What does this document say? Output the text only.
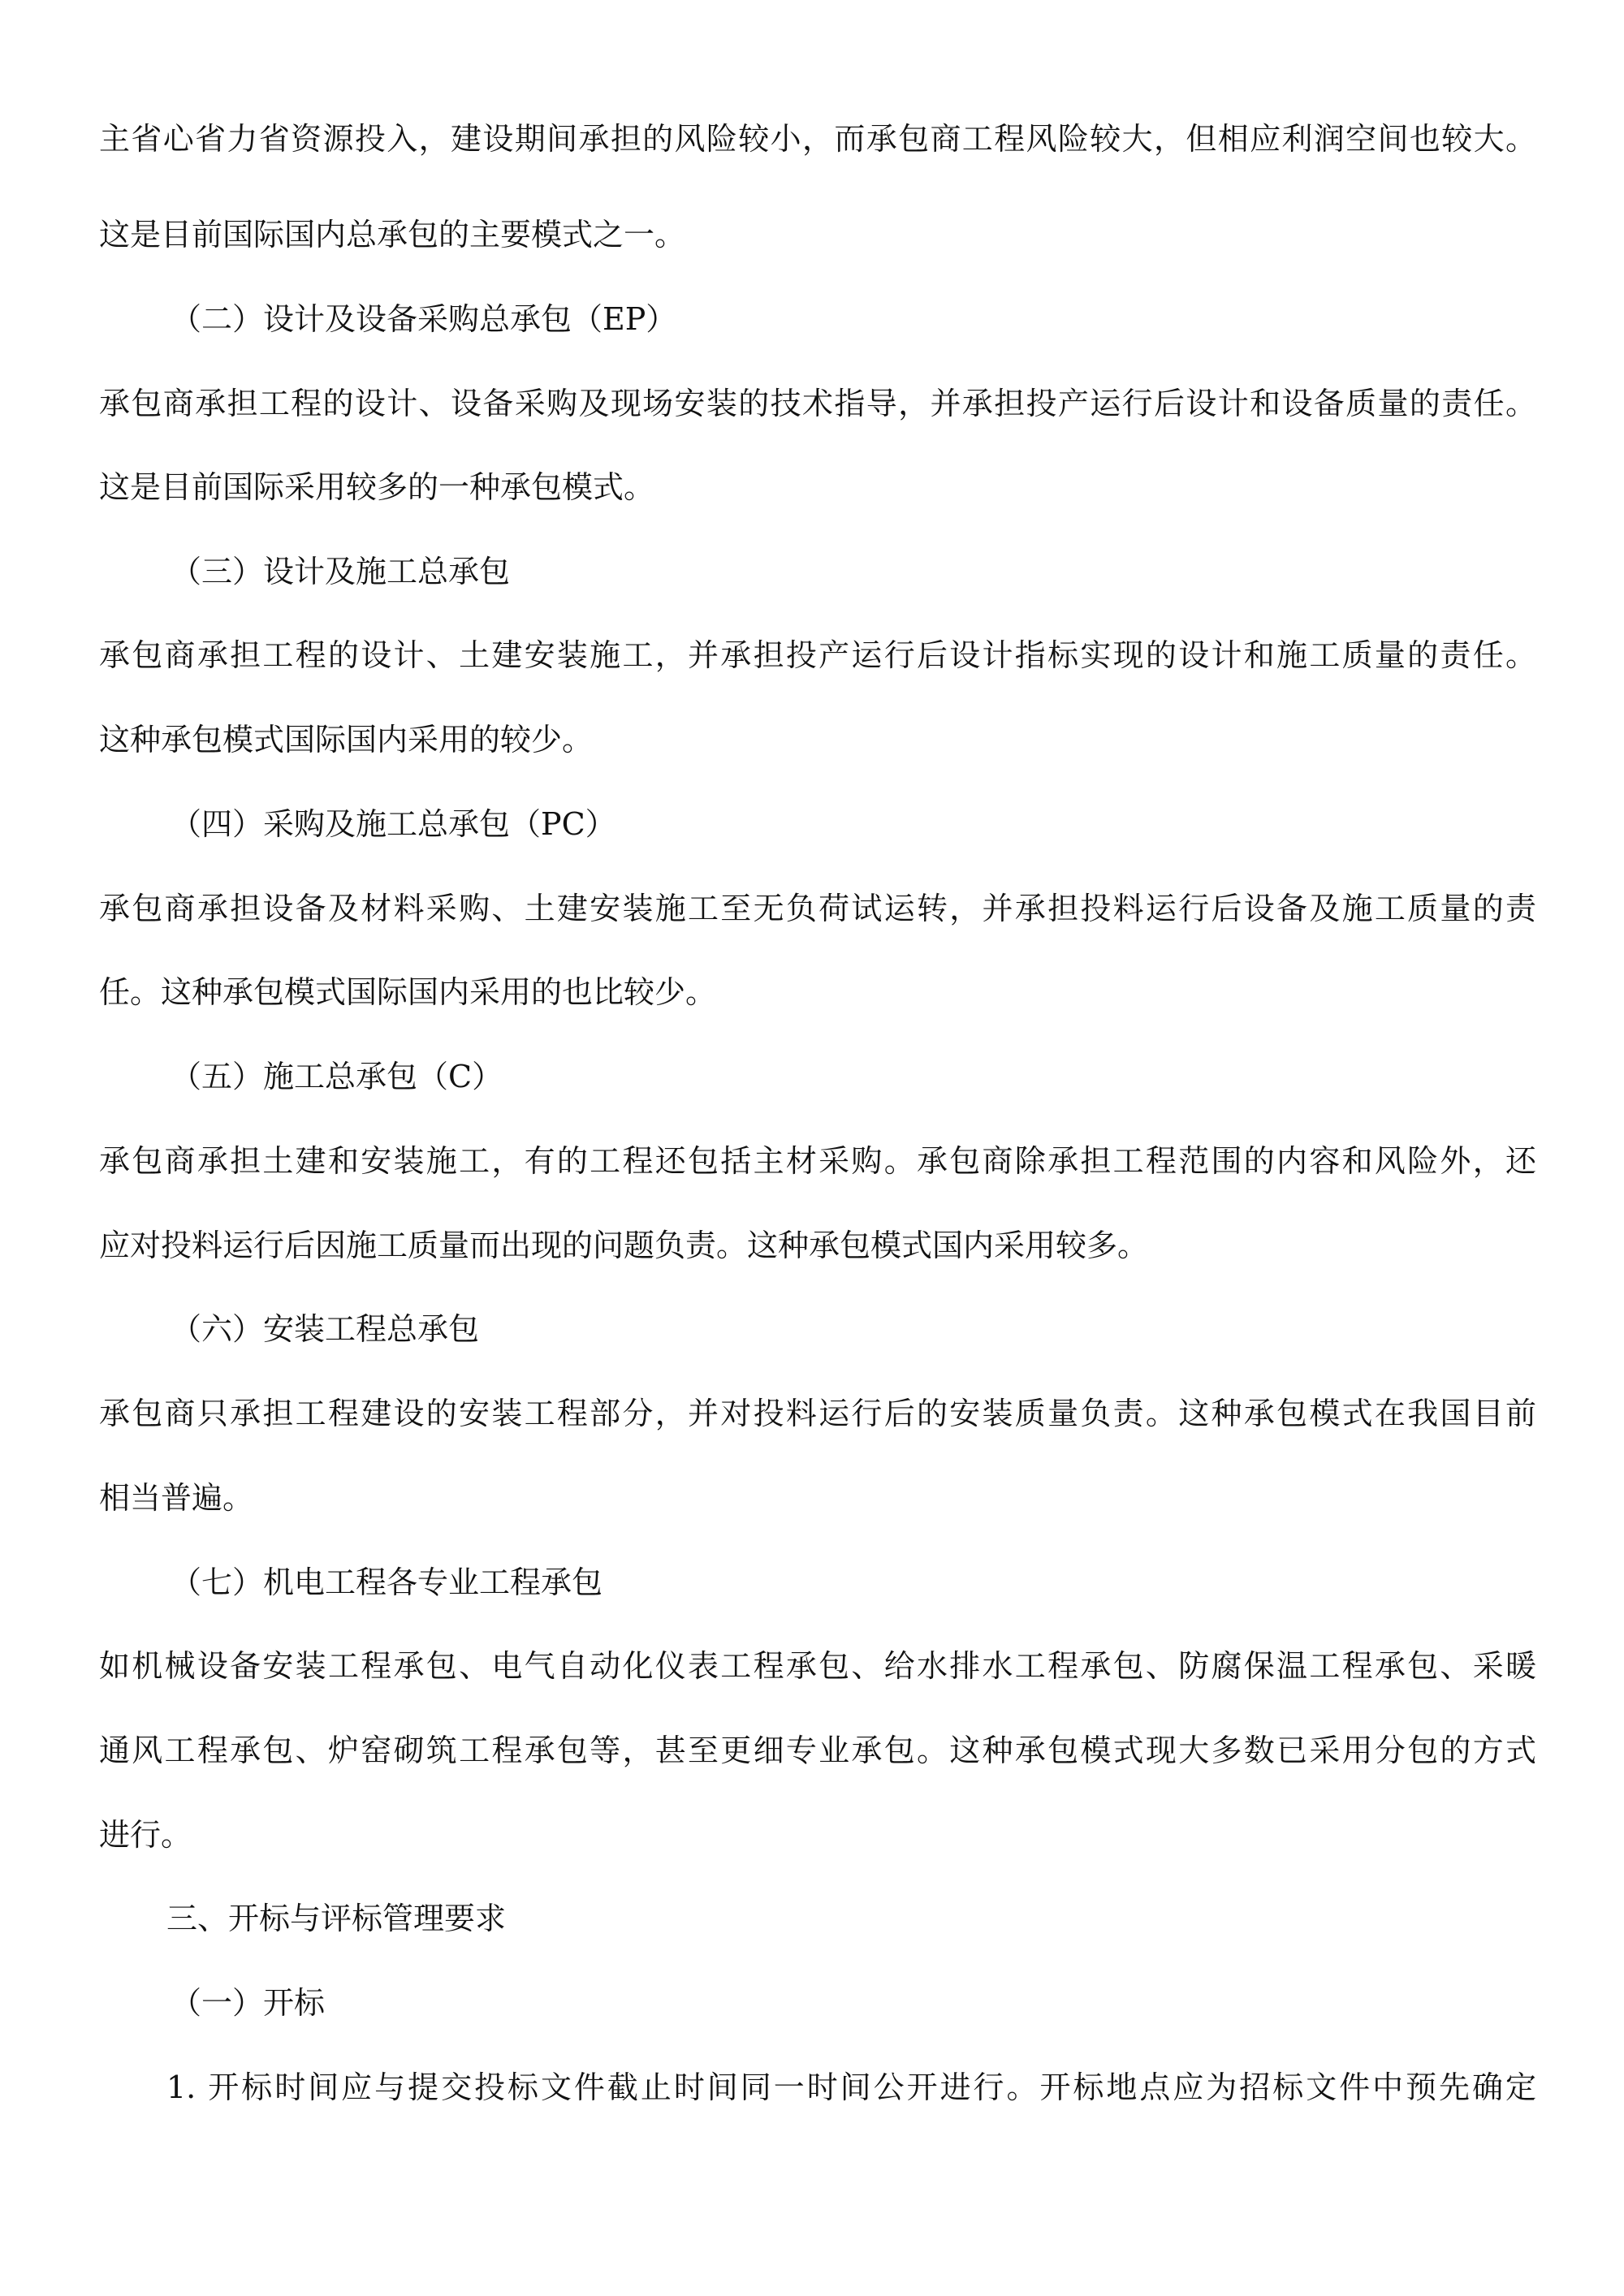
主省心省力省资源投入，建设期间承担的风险较小，而承包商工程风险较大，但相应利润空间也较大。
这是目前国际国内总承包的主要模式之一。
（二）设计及设备采购总承包（EP）
承包商承担工程的设计、设备采购及现场安装的技术指导，并承担投产运行后设计和设备质量的责任。
这是目前国际采用较多的一种承包模式。
（三）设计及施工总承包
承包商承担工程的设计、土建安装施工，并承担投产运行后设计指标实现的设计和施工质量的责任。
这种承包模式国际国内采用的较少。
（四）采购及施工总承包（PC）
承包商承担设备及材料采购、土建安装施工至无负荷试运转，并承担投料运行后设备及施工质量的责
任。这种承包模式国际国内采用的也比较少。
（五）施工总承包（C）
承包商承担土建和安装施工，有的工程还包括主材采购。承包商除承担工程范围的内容和风险外，还
应对投料运行后因施工质量而出现的问题负责。这种承包模式国内采用较多。
（六）安装工程总承包
承包商只承担工程建设的安装工程部分，并对投料运行后的安装质量负责。这种承包模式在我国目前
相当普遍。
（七）机电工程各专业工程承包
如机械设备安装工程承包、电气自动化仪表工程承包、给水排水工程承包、防腐保温工程承包、采暖
通风工程承包、炉窑砌筑工程承包等，甚至更细专业承包。这种承包模式现大多数已采用分包的方式
进行。
三、开标与评标管理要求
（一）开标
1. 开标时间应与提交投标文件截止时间同一时间公开进行。开标地点应为招标文件中预先确定
